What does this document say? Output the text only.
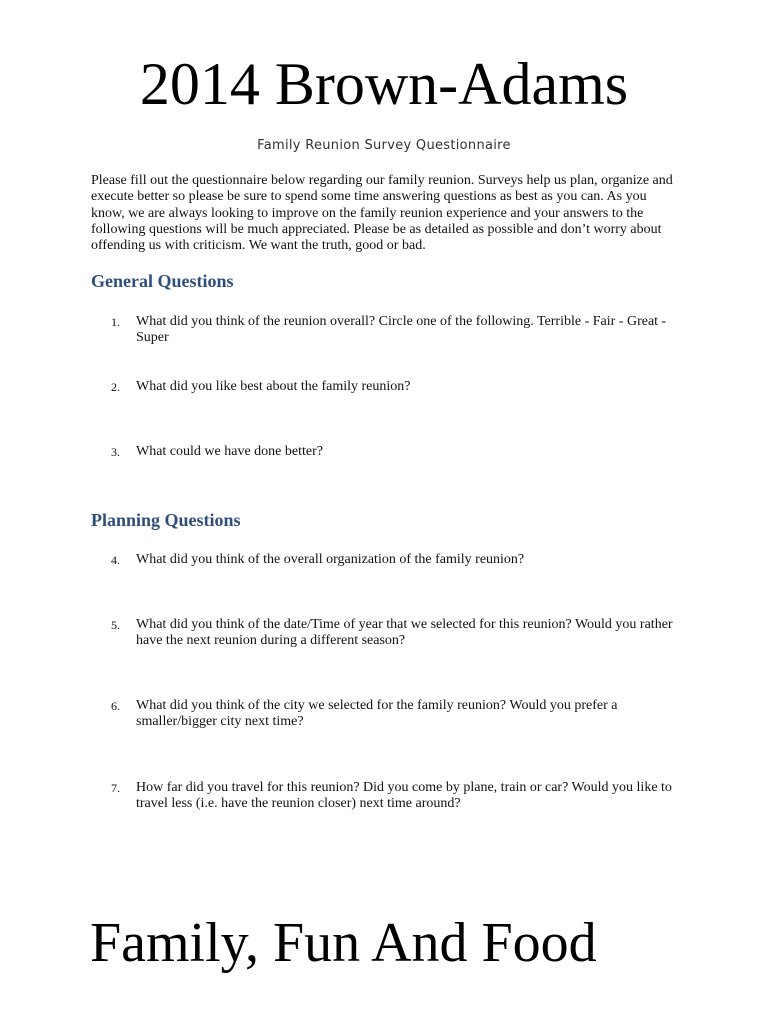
2014 Brown-Adams
Family Reunion Survey Questionnaire

Please fill out the questionnaire below regarding our family reunion. Surveys help us plan, organize and execute better so please be sure to spend some time answering questions as best as you can. As you know, we are always looking to improve on the family reunion experience and your answers to the following questions will be much appreciated. Please be as detailed as possible and don’t worry about offending us with criticism. We want the truth, good or bad.

General Questions
1.	What did you think of the reunion overall? Circle one of the following. Terrible - Fair - Great - Super
2.	What did you like best about the family reunion?
3.	What could we have done better?
Planning Questions
4.	What did you think of the overall organization of the family reunion?
5.	What did you think of the date/Time of year that we selected for this reunion? Would you rather have the next reunion during a different season?
6.	What did you think of the city we selected for the family reunion? Would you prefer a smaller/bigger city next time?
7.	How far did you travel for this reunion? Did you come by plane, train or car? Would you like to travel less (i.e. have the reunion closer) next time around?
Family, Fun And Food
